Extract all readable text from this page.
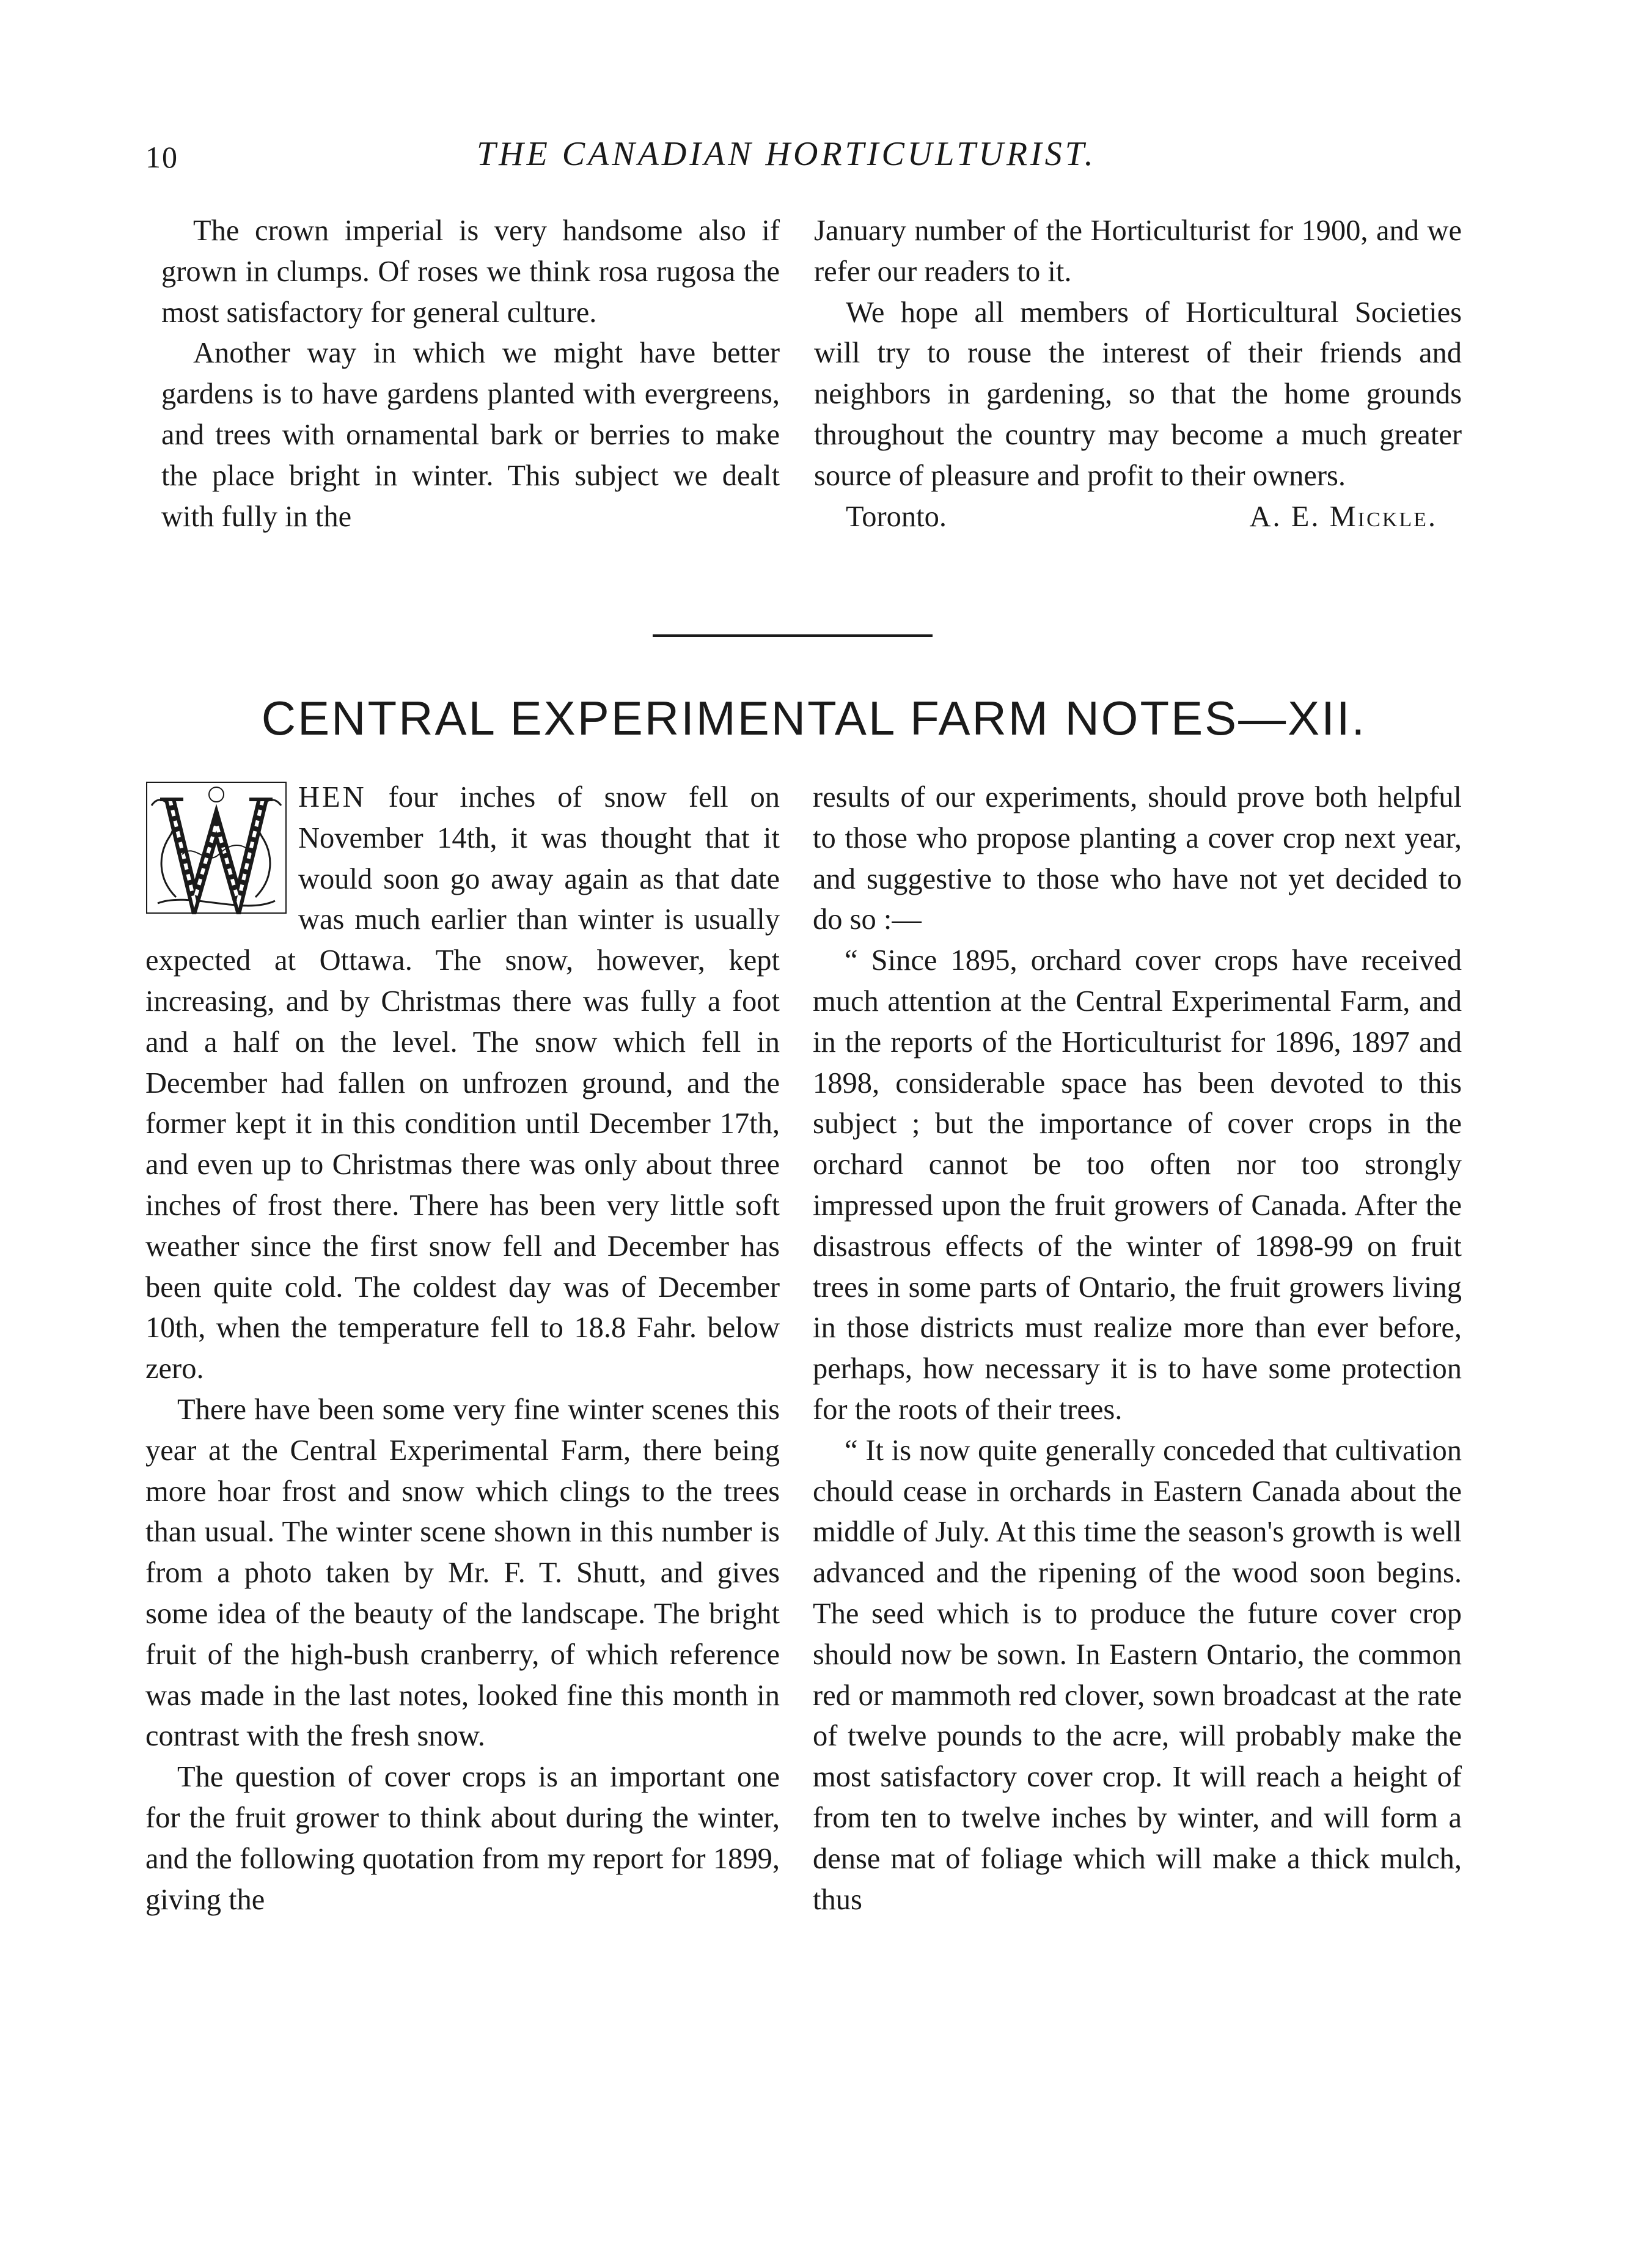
10	THE CANADIAN HORTICULTURIST.

The crown imperial is very handsome also if grown in clumps. Of roses we think rosa rugosa the most satisfactory for general culture.

Another way in which we might have better gardens is to have gardens planted with evergreens, and trees with ornamental bark or berries to make the place bright in winter. This subject we dealt with fully in the

January number of the Horticulturist for 1900, and we refer our readers to it.

We hope all members of Horticultural Societies will try to rouse the interest of their friends and neighbors in gardening, so that the home grounds throughout the country may become a much greater source of pleasure and profit to their owners.

Toronto.	A. E. Mickle.
CENTRAL EXPERIMENTAL FARM NOTES—XII.

HEN four inches of snow fell on November 14th, it was thought that it would soon go away again as that date was much earlier than winter is usually expected at Ottawa. The snow, however, kept increasing, and by Christmas there was fully a foot and a half on the level. The snow which fell in December had fallen on unfrozen ground, and the former kept it in this condition until December 17th, and even up to Christmas there was only about three inches of frost there. There has been very little soft weather since the first snow fell and December has been quite cold. The coldest day was of December 10th, when the temperature fell to 18.8 Fahr. below zero.

There have been some very fine winter scenes this year at the Central Experimental Farm, there being more hoar frost and snow which clings to the trees than usual. The winter scene shown in this number is from a photo taken by Mr. F. T. Shutt, and gives some idea of the beauty of the landscape. The bright fruit of the high-bush cranberry, of which reference was made in the last notes, looked fine this month in contrast with the fresh snow.

The question of cover crops is an important one for the fruit grower to think about during the winter, and the following quotation from my report for 1899, giving the

results of our experiments, should prove both helpful to those who propose planting a cover crop next year, and suggestive to those who have not yet decided to do so :—

“ Since 1895, orchard cover crops have received much attention at the Central Experimental Farm, and in the reports of the Horticulturist for 1896, 1897 and 1898, considerable space has been devoted to this subject ; but the importance of cover crops in the orchard cannot be too often nor too strongly impressed upon the fruit growers of Canada. After the disastrous effects of the winter of 1898-99 on fruit trees in some parts of Ontario, the fruit growers living in those districts must realize more than ever before, perhaps, how necessary it is to have some protection for the roots of their trees.

“ It is now quite generally conceded that cultivation chould cease in orchards in Eastern Canada about the middle of July. At this time the season's growth is well advanced and the ripening of the wood soon begins. The seed which is to produce the future cover crop should now be sown. In Eastern Ontario, the common red or mammoth red clover, sown broadcast at the rate of twelve pounds to the acre, will probably make the most satisfactory cover crop. It will reach a height of from ten to twelve inches by winter, and will form a dense mat of foliage which will make a thick mulch, thus
